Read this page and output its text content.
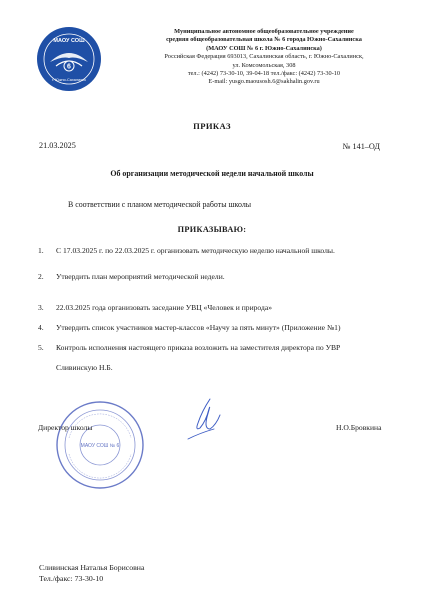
6
МАОУ СОШ
г. Южно-Сахалинск
Муниципальное автономное общеобразовательное учреждение
средняя общеобразовательная школа № 6 города Южно-Сахалинска
(МАОУ СОШ № 6 г. Южно-Сахалинска)
Российская Федерация 693013, Сахалинская область, г. Южно-Сахалинск,
ул. Комсомольская, 308
тел.: (4242) 73-30-10, 39-04-18 тел./факс: (4242) 73-30-10
E-mail: yusgo.maousosh.6@sakhalin.gov.ru
ПРИКАЗ
21.03.2025	№ 141–ОД
Об организации методической недели начальной школы
В соответствии с планом методической работы школы
ПРИКАЗЫВАЮ:
1. С 17.03.2025 г. по 22.03.2025 г. организовать методическую неделю начальной школы.
2. Утвердить план мероприятий методической недели.
3. 22.03.2025 года организовать заседание УВЦ «Человек и природа»
4. Утвердить список участников мастер-классов «Научу за пять минут» (Приложение №1)
5. Контроль исполнения настоящего приказа возложить на заместителя директора по УВР
Сливинскую Н.Б.
МАОУ СОШ № 6
Директор школы	Н.О.Бровкина
Сливинская Наталья Борисовна
Тел./факс: 73-30-10
